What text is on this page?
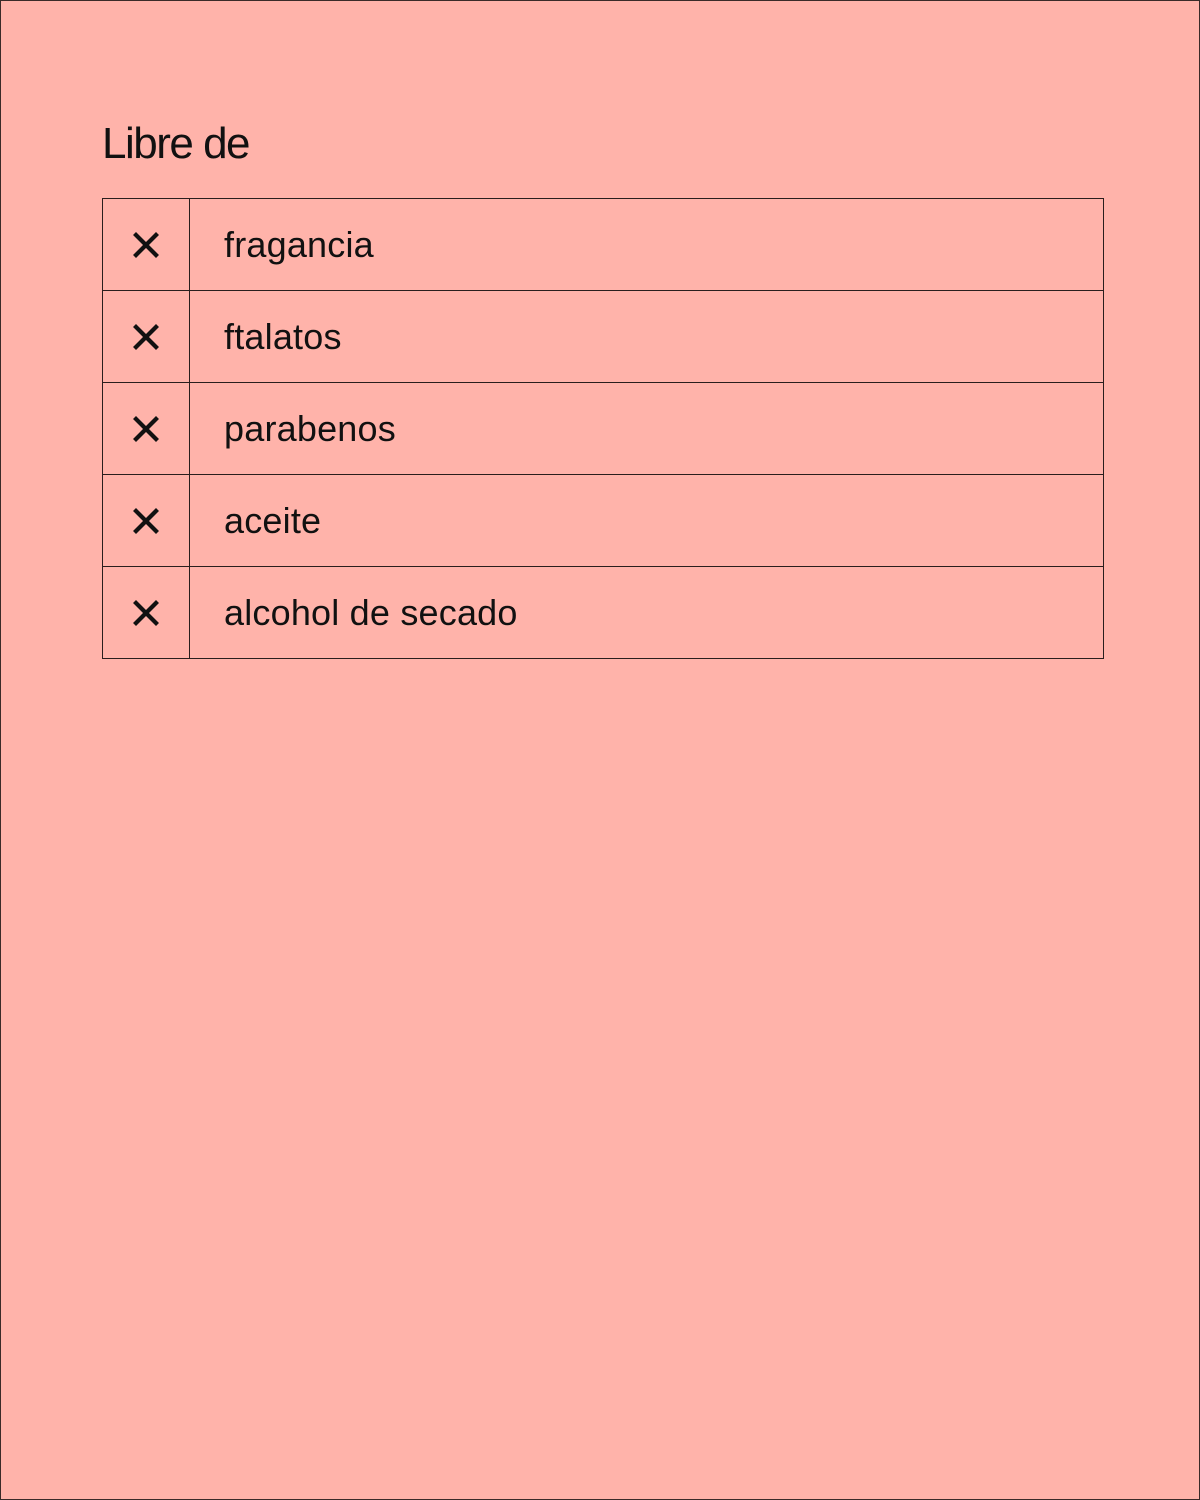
Libre de
	fragancia
	ftalatos
	parabenos
	aceite
	alcohol de secado
